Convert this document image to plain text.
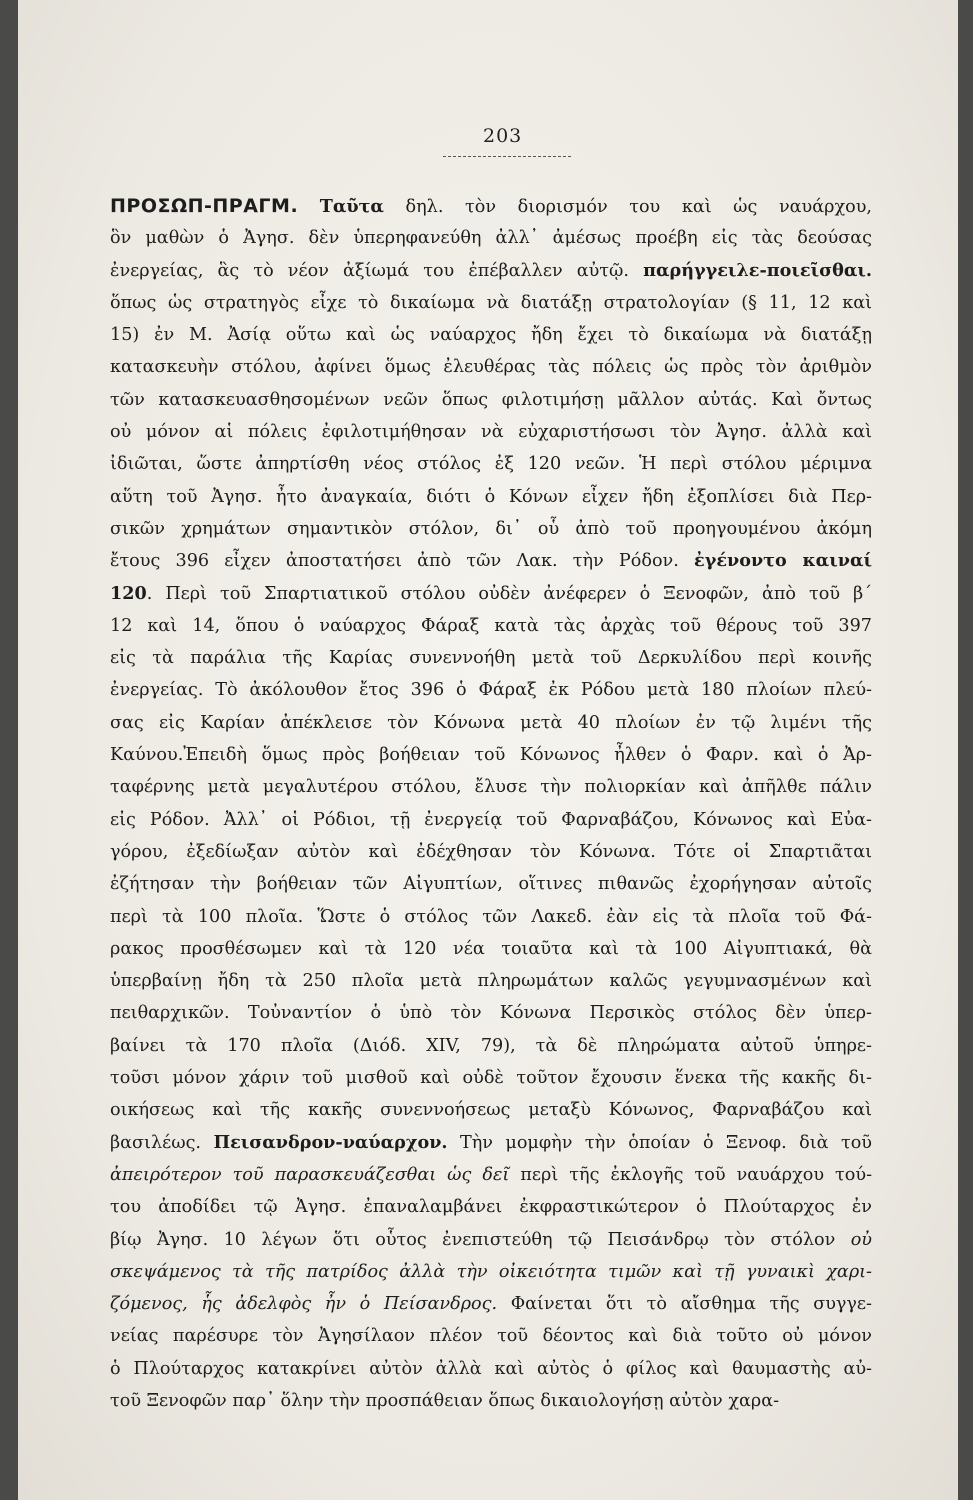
203
ΠΡΟΣΩΠ-ΠΡΑΓΜ. Ταῦτα δηλ. τὸν διορισμόν του καὶ ὡς ναυάρχου,
ὃν μαθὼν ὁ Ἀγησ. δὲν ὑπερηφανεύθη ἀλλ᾽ ἀμέσως προέβη εἰς τὰς δεούσας
ἐνεργείας, ἃς τὸ νέον ἀξίωμά του ἐπέβαλλεν αὐτῷ. παρήγγειλε-ποιεῖσθαι.
ὅπως ὡς στρατηγὸς εἶχε τὸ δικαίωμα νὰ διατάξῃ στρατολογίαν (§ 11, 12 καὶ
15) ἐν Μ. Ἀσίᾳ οὕτω καὶ ὡς ναύαρχος ἤδη ἔχει τὸ δικαίωμα νὰ διατάξῃ
κατασκευὴν στόλου, ἀφίνει ὅμως ἐλευθέρας τὰς πόλεις ὡς πρὸς τὸν ἀριθμὸν
τῶν κατασκευασθησομένων νεῶν ὅπως φιλοτιμήσῃ μᾶλλον αὐτάς. Καὶ ὄντως
οὐ μόνον αἱ πόλεις ἐφιλοτιμήθησαν νὰ εὐχαριστήσωσι τὸν Ἀγησ. ἀλλὰ καὶ
ἰδιῶται, ὥστε ἀπηρτίσθη νέος στόλος ἐξ 120 νεῶν. Ἡ περὶ στόλου μέριμνα
αὕτη τοῦ Ἀγησ. ἦτο ἀναγκαία, διότι ὁ Κόνων εἶχεν ἤδη ἐξοπλίσει διὰ Περ-
σικῶν χρημάτων σημαντικὸν στόλον, δι᾽ οὗ ἀπὸ τοῦ προηγουμένου ἀκόμη
ἔτους 396 εἶχεν ἀποστατήσει ἀπὸ τῶν Λακ. τὴν Ρόδον. ἐγένοντο καιναί
120. Περὶ τοῦ Σπαρτιατικοῦ στόλου οὐδὲν ἀνέφερεν ὁ Ξενοφῶν, ἀπὸ τοῦ β´
12 καὶ 14, ὅπου ὁ ναύαρχος Φάραξ κατὰ τὰς ἀρχὰς τοῦ θέρους τοῦ 397
εἰς τὰ παράλια τῆς Καρίας συνεννοήθη μετὰ τοῦ Δερκυλίδου περὶ κοινῆς
ἐνεργείας. Τὸ ἀκόλουθον ἔτος 396 ὁ Φάραξ ἐκ Ρόδου μετὰ 180 πλοίων πλεύ-
σας εἰς Καρίαν ἀπέκλεισε τὸν Κόνωνα μετὰ 40 πλοίων ἐν τῷ λιμένι τῆς
Καύνου.Ἐπειδὴ ὅμως πρὸς βοήθειαν τοῦ Κόνωνος ἦλθεν ὁ Φαρν. καὶ ὁ Ἀρ-
ταφέρνης μετὰ μεγαλυτέρου στόλου, ἔλυσε τὴν πολιορκίαν καὶ ἀπῆλθε πάλιν
εἰς Ρόδον. Ἀλλ᾽ οἱ Ρόδιοι, τῇ ἐνεργείᾳ τοῦ Φαρναβάζου, Κόνωνος καὶ Εὐα-
γόρου, ἐξεδίωξαν αὐτὸν καὶ ἐδέχθησαν τὸν Κόνωνα. Τότε οἱ Σπαρτιᾶται
ἐζήτησαν τὴν βοήθειαν τῶν Αἰγυπτίων, οἵτινες πιθανῶς ἐχορήγησαν αὐτοῖς
περὶ τὰ 100 πλοῖα. Ὥστε ὁ στόλος τῶν Λακεδ. ἐὰν εἰς τὰ πλοῖα τοῦ Φά-
ρακος προσθέσωμεν καὶ τὰ 120 νέα τοιαῦτα καὶ τὰ 100 Αἰγυπτιακά, θὰ
ὑπερβαίνῃ ἤδη τὰ 250 πλοῖα μετὰ πληρωμάτων καλῶς γεγυμνασμένων καὶ
πειθαρχικῶν. Τοὐναντίον ὁ ὑπὸ τὸν Κόνωνα Περσικὸς στόλος δὲν ὑπερ-
βαίνει τὰ 170 πλοῖα (Διόδ. XIV, 79), τὰ δὲ πληρώματα αὐτοῦ ὑπηρε-
τοῦσι μόνον χάριν τοῦ μισθοῦ καὶ οὐδὲ τοῦτον ἔχουσιν ἕνεκα τῆς κακῆς δι-
οικήσεως καὶ τῆς κακῆς συνεννοήσεως μεταξὺ Κόνωνος, Φαρναβάζου καὶ
βασιλέως. Πεισανδρον-ναύαρχον. Τὴν μομφὴν τὴν ὁποίαν ὁ Ξενοφ. διὰ τοῦ
ἀπειρότερον τοῦ παρασκευάζεσθαι ὡς δεῖ περὶ τῆς ἐκλογῆς τοῦ ναυάρχου τού-
του ἀποδίδει τῷ Ἀγησ. ἐπαναλαμβάνει ἐκφραστικώτερον ὁ Πλούταρχος ἐν
βίῳ Ἀγησ. 10 λέγων ὅτι οὗτος ἐνεπιστεύθη τῷ Πεισάνδρῳ τὸν στόλον οὐ
σκεψάμενος τὰ τῆς πατρίδος ἀλλὰ τὴν οἰκειότητα τιμῶν καὶ τῇ γυναικὶ χαρι-
ζόμενος, ἧς ἀδελφὸς ἦν ὁ Πείσανδρος. Φαίνεται ὅτι τὸ αἴσθημα τῆς συγγε-
νείας παρέσυρε τὸν Ἀγησίλαον πλέον τοῦ δέοντος καὶ διὰ τοῦτο οὐ μόνον
ὁ Πλούταρχος κατακρίνει αὐτὸν ἀλλὰ καὶ αὐτὸς ὁ φίλος καὶ θαυμαστὴς αὐ-
τοῦ Ξενοφῶν παρ᾽ ὅλην τὴν προσπάθειαν ὅπως δικαιολογήσῃ αὐτὸν χαρα-
